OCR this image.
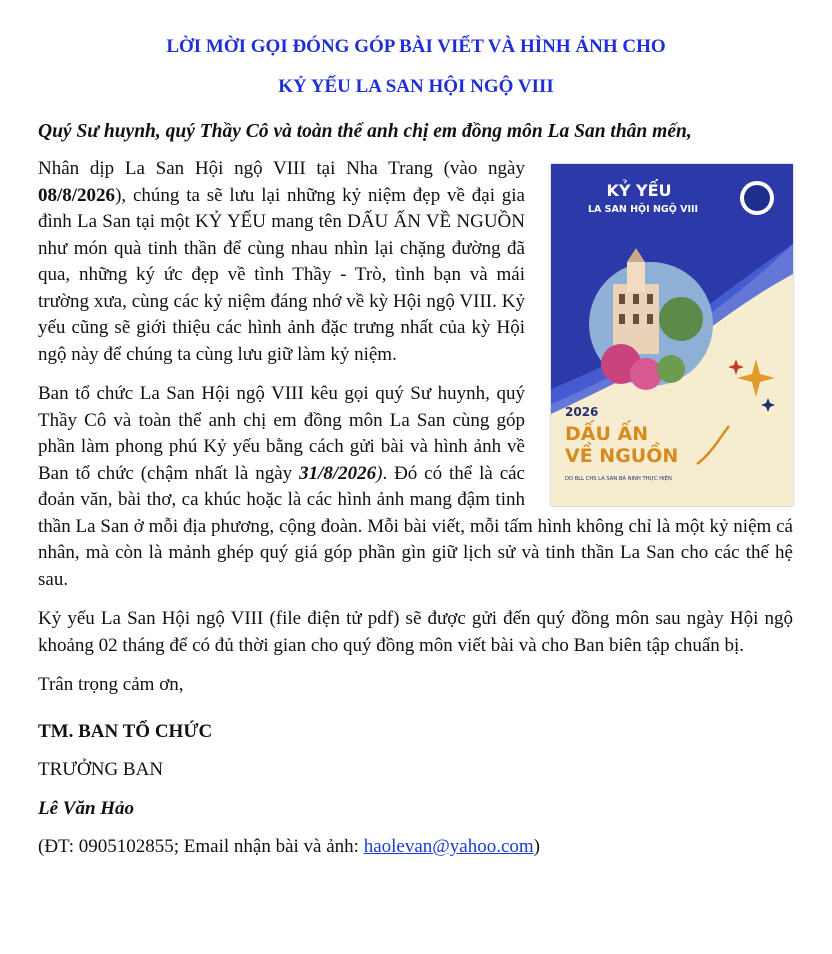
LỜI MỜI GỌI ĐÓNG GÓP BÀI VIẾT VÀ HÌNH ẢNH CHO
KỶ YẾU LA SAN HỘI NGỘ VIII
Quý Sư huynh, quý Thầy Cô và toàn thể anh chị em đồng môn La San thân mến,
KỶ YẾU
LA SAN HỘI NGỘ VIII
2026
DẤU ẤN
VỀ NGUỒN
DO BLL CHS LA SAN BÁ NINH THỰC HIỆN

Nhân dịp La San Hội ngộ VIII tại Nha Trang (vào ngày 08/8/2026), chúng ta sẽ lưu lại những kỷ niệm đẹp về đại gia đình La San tại một KỶ YẾU mang tên DẤU ẤN VỀ NGUỒN như món quà tinh thần để cùng nhau nhìn lại chặng đường đã qua, những ký ức đẹp về tình Thầy - Trò, tình bạn và mái trường xưa, cùng các kỷ niệm đáng nhớ về kỳ Hội ngộ VIII. Kỷ yếu cũng sẽ giới thiệu các hình ảnh đặc trưng nhất của kỳ Hội ngộ này để chúng ta cùng lưu giữ làm kỷ niệm.

Ban tổ chức La San Hội ngộ VIII kêu gọi quý Sư huynh, quý Thầy Cô và toàn thể anh chị em đồng môn La San cùng góp phần làm phong phú Kỷ yếu bằng cách gửi bài và hình ảnh về Ban tổ chức (chậm nhất là ngày 31/8/2026). Đó có thể là các đoản văn, bài thơ, ca khúc hoặc là các hình ảnh mang đậm tinh thần La San ở mỗi địa phương, cộng đoàn. Mỗi bài viết, mỗi tấm hình không chỉ là một kỷ niệm cá nhân, mà còn là mảnh ghép quý giá góp phần gìn giữ lịch sử và tinh thần La San cho các thế hệ sau.

Kỷ yếu La San Hội ngộ VIII (file điện tử pdf) sẽ được gửi đến quý đồng môn sau ngày Hội ngộ khoảng 02 tháng để có đủ thời gian cho quý đồng môn viết bài và cho Ban biên tập chuẩn bị.

Trân trọng cảm ơn,

TM. BAN TỔ CHỨC

TRƯỞNG BAN

Lê Văn Hảo

(ĐT: 0905102855; Email nhận bài và ảnh: haolevan@yahoo.com)
